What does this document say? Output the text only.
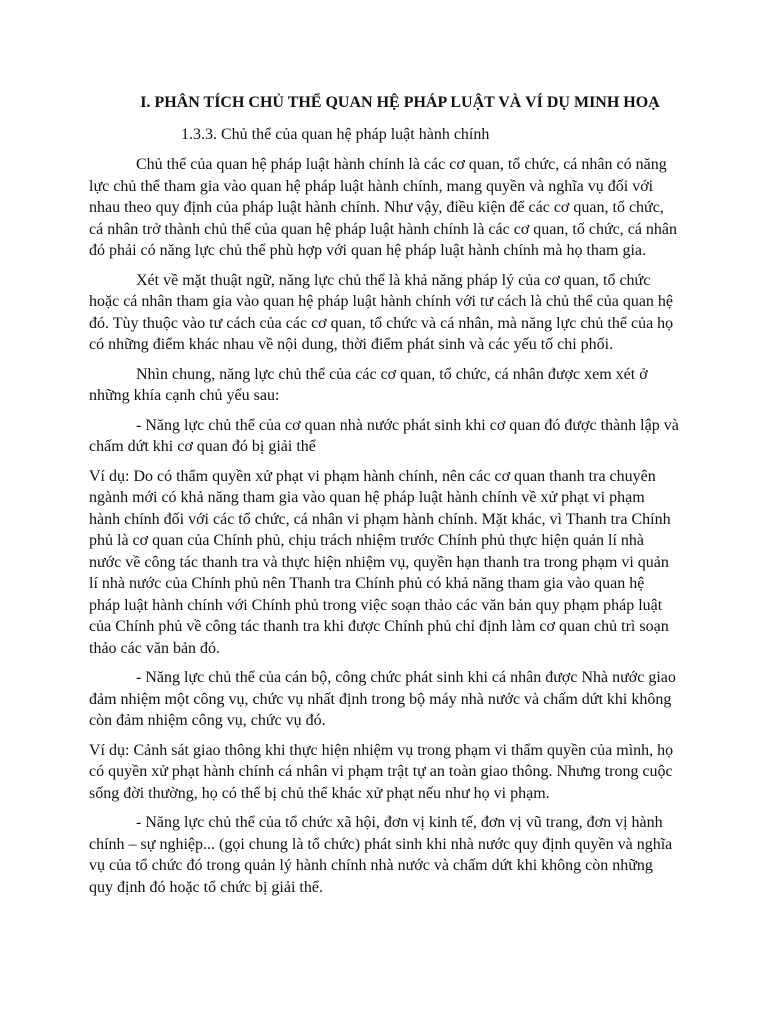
I. PHÂN TÍCH CHỦ THỂ QUAN HỆ PHÁP LUẬT VÀ VÍ DỤ MINH HOẠ
1.3.3. Chủ thể của quan hệ pháp luật hành chính

Chủ thể của quan hệ pháp luật hành chính là các cơ quan, tổ chức, cá nhân có năng lực chủ thể tham gia vào quan hệ pháp luật hành chính, mang quyền và nghĩa vụ đối với nhau theo quy định của pháp luật hành chính. Như vậy, điều kiện để các cơ quan, tổ chức, cá nhân trở thành chủ thể của quan hệ pháp luật hành chính là các cơ quan, tổ chức, cá nhân đó phải có năng lực chủ thể phù hợp với quan hệ pháp luật hành chính mà họ tham gia.

Xét về mặt thuật ngữ, năng lực chủ thể là khả năng pháp lý của cơ quan, tổ chức hoặc cá nhân tham gia vào quan hệ pháp luật hành chính với tư cách là chủ thể của quan hệ đó. Tùy thuộc vào tư cách của các cơ quan, tổ chức và cá nhân, mà năng lực chủ thể của họ có những điểm khác nhau về nội dung, thời điểm phát sinh và các yếu tố chi phối.

Nhìn chung, năng lực chủ thể của các cơ quan, tổ chức, cá nhân được xem xét ở những khía cạnh chủ yếu sau:

- Năng lực chủ thể của cơ quan nhà nước phát sinh khi cơ quan đó được thành lập và chấm dứt khi cơ quan đó bị giải thể

Ví dụ: Do có thẩm quyền xử phạt vi phạm hành chính, nên các cơ quan thanh tra chuyên ngành mới có khả năng tham gia vào quan hệ pháp luật hành chính về xử phạt vi phạm hành chính đối với các tổ chức, cá nhân vi phạm hành chính. Mặt khác, vì Thanh tra Chính phủ là cơ quan của Chính phủ, chịu trách nhiệm trước Chính phủ thực hiện quản lí nhà nước về công tác thanh tra và thực hiện nhiệm vụ, quyền hạn thanh tra trong phạm vi quản lí nhà nước của Chính phủ nên Thanh tra Chính phủ có khả năng tham gia vào quan hệ pháp luật hành chính với Chính phủ trong việc soạn thảo các văn bản quy phạm pháp luật của Chính phủ về công tác thanh tra khi được Chính phủ chỉ định làm cơ quan chủ trì soạn thảo các văn bản đó.

- Năng lực chủ thể của cán bộ, công chức phát sinh khi cá nhân được Nhà nước giao đảm nhiệm một công vụ, chức vụ nhất định trong bộ máy nhà nước và chấm dứt khi không còn đảm nhiệm công vụ, chức vụ đó.

Ví dụ: Cảnh sát giao thông khi thực hiện nhiệm vụ trong phạm vi thẩm quyền của mình, họ có quyền xử phạt hành chính cá nhân vi phạm trật tự an toàn giao thông. Nhưng trong cuộc sống đời thường, họ có thể bị chủ thể khác xử phạt nếu như họ vi phạm.

- Năng lực chủ thể của tổ chức xã hội, đơn vị kinh tế, đơn vị vũ trang, đơn vị hành chính – sự nghiệp... (gọi chung là tổ chức) phát sinh khi nhà nước quy định quyền và nghĩa vụ của tổ chức đó trong quản lý hành chính nhà nước và chấm dứt khi không còn những quy định đó hoặc tổ chức bị giải thể.
